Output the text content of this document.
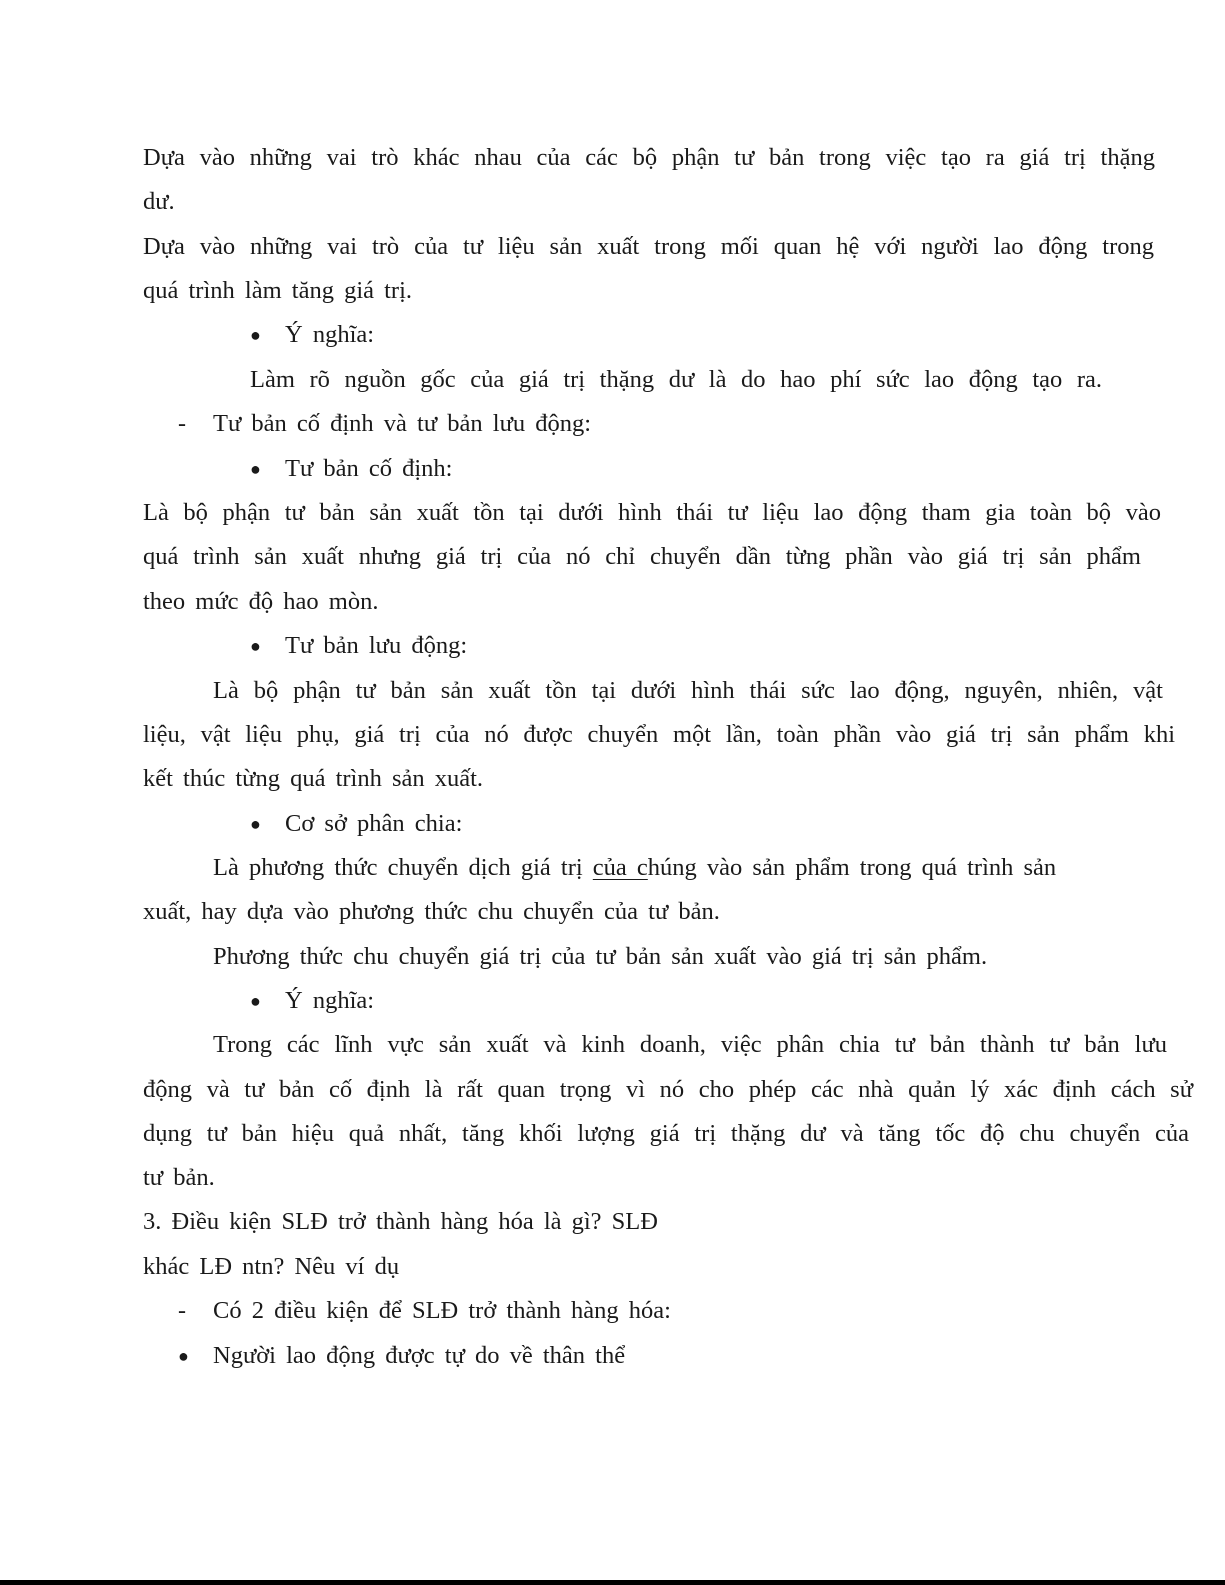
Dựa vào những vai trò khác nhau của các bộ phận tư bản trong việc tạo ra giá trị thặng
dư.
Dựa vào những vai trò của tư liệu sản xuất trong mối quan hệ với người lao động trong
quá trình làm tăng giá trị.
● Ý nghĩa:
Làm rõ nguồn gốc của giá trị thặng dư là do hao phí sức lao động tạo ra.
- Tư bản cố định và tư bản lưu động:
● Tư bản cố định:
Là bộ phận tư bản sản xuất tồn tại dưới hình thái tư liệu lao động tham gia toàn bộ vào
quá trình sản xuất nhưng giá trị của nó chỉ chuyển dần từng phần vào giá trị sản phẩm
theo mức độ hao mòn.
● Tư bản lưu động:
Là bộ phận tư bản sản xuất tồn tại dưới hình thái sức lao động, nguyên, nhiên, vật
liệu, vật liệu phụ, giá trị của nó được chuyển một lần, toàn phần vào giá trị sản phẩm khi
kết thúc từng quá trình sản xuất.
● Cơ sở phân chia:
Là phương thức chuyển dịch giá trị của chúng vào sản phẩm trong quá trình sản
xuất, hay dựa vào phương thức chu chuyển của tư bản.
Phương thức chu chuyển giá trị của tư bản sản xuất vào giá trị sản phẩm.
● Ý nghĩa:
Trong các lĩnh vực sản xuất và kinh doanh, việc phân chia tư bản thành tư bản lưu
động và tư bản cố định là rất quan trọng vì nó cho phép các nhà quản lý xác định cách sử
dụng tư bản hiệu quả nhất, tăng khối lượng giá trị thặng dư và tăng tốc độ chu chuyển của
tư bản.
3. Điều kiện SLĐ trở thành hàng hóa là gì? SLĐ
khác LĐ ntn? Nêu ví dụ
- Có 2 điều kiện để SLĐ trở thành hàng hóa:
● Người lao động được tự do về thân thể
